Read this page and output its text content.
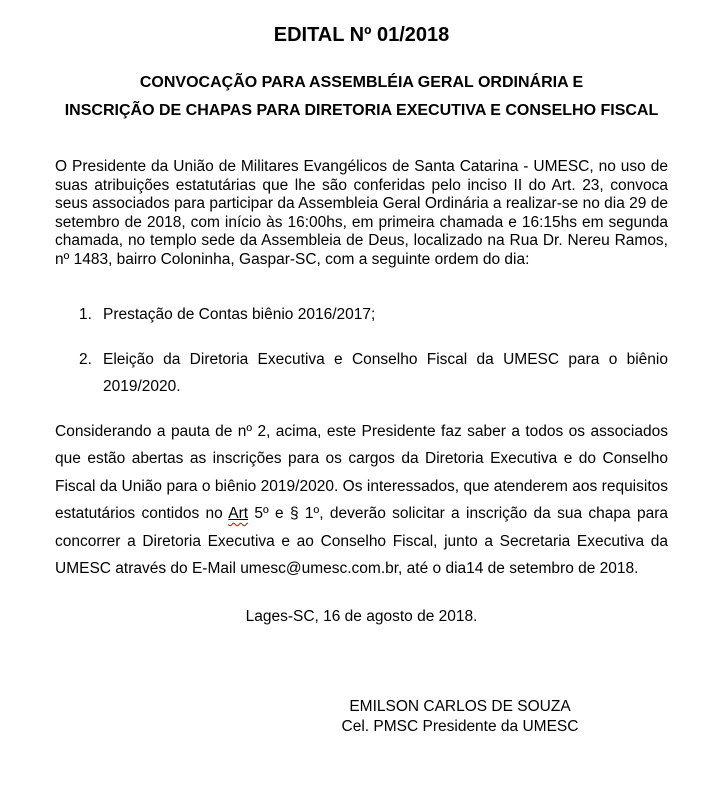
EDITAL Nº 01/2018
CONVOCAÇÃO PARA ASSEMBLÉIA GERAL ORDINÁRIA E
INSCRIÇÃO DE CHAPAS PARA DIRETORIA EXECUTIVA E CONSELHO FISCAL
O Presidente da União de Militares Evangélicos de Santa Catarina - UMESC, no uso de suas atribuições estatutárias que lhe são conferidas pelo inciso II do Art. 23, convoca seus associados para participar da Assembleia Geral Ordinária a realizar-se no dia 29 de setembro de 2018, com início às 16:00hs, em primeira chamada e 16:15hs em segunda chamada, no templo sede da Assembleia de Deus, localizado na Rua Dr. Nereu Ramos, nº 1483, bairro Coloninha, Gaspar-SC, com a seguinte ordem do dia:
1. Prestação de Contas biênio 2016/2017;
2. Eleição da Diretoria Executiva e Conselho Fiscal da UMESC para o biênio 2019/2020.
Considerando a pauta de nº 2, acima, este Presidente faz saber a todos os associados que estão abertas as inscrições para os cargos da Diretoria Executiva e do Conselho Fiscal da União para o biênio 2019/2020. Os interessados, que atenderem aos requisitos estatutários contidos no Art 5º e § 1º, deverão solicitar a inscrição da sua chapa para concorrer a Diretoria Executiva e ao Conselho Fiscal, junto a Secretaria Executiva da UMESC através do E-Mail umesc@umesc.com.br, até o dia14 de setembro de 2018.
Lages-SC, 16 de agosto de 2018.
EMILSON CARLOS DE SOUZA
Cel. PMSC Presidente da UMESC
